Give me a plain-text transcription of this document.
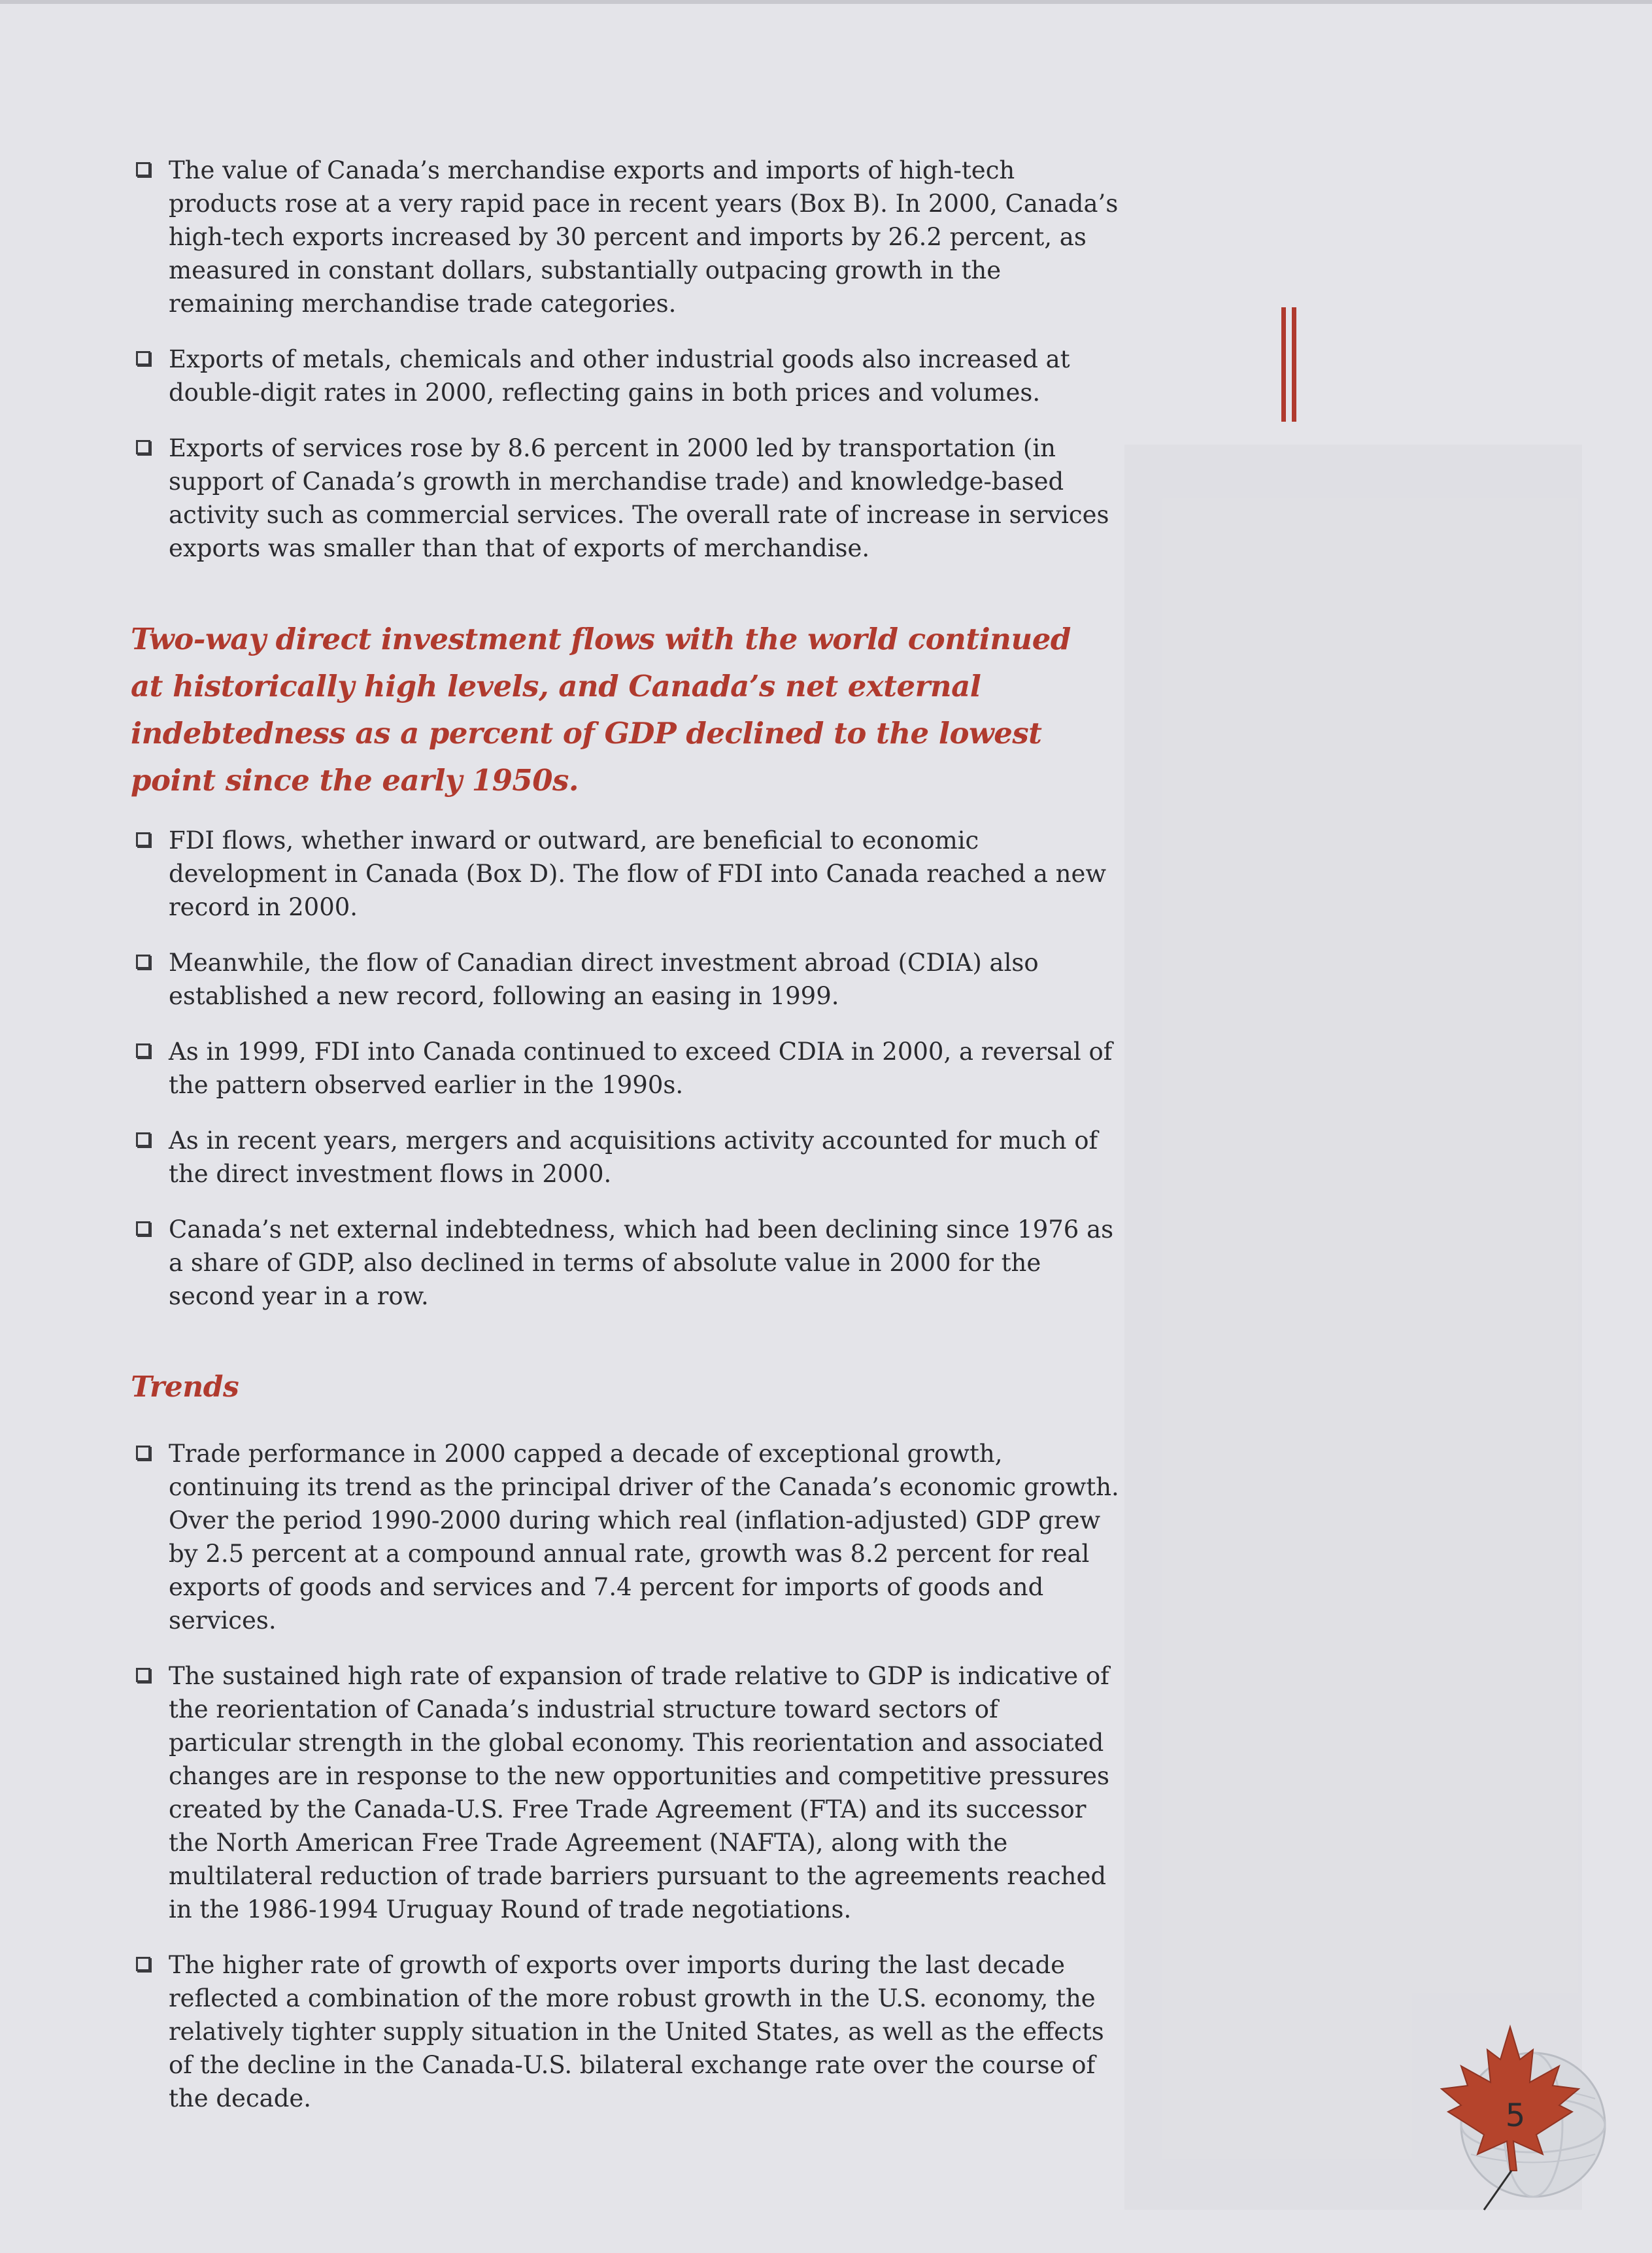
The value of Canada’s merchandise exports and imports of high-tech products rose at a very rapid pace in recent years (Box B). In 2000, Canada’s high-tech exports increased by 30 percent and imports by 26.2 percent, as measured in constant dollars, substantially outpacing growth in the remaining merchandise trade categories.
Exports of metals, chemicals and other industrial goods also increased at double-digit rates in 2000, reflecting gains in both prices and volumes.
Exports of services rose by 8.6 percent in 2000 led by transportation (in support of Canada’s growth in merchandise trade) and knowledge-based activity such as commercial services. The overall rate of increase in services exports was smaller than that of exports of merchandise.
Two-way direct investment flows with the world continued at historically high levels, and Canada’s net external indebtedness as a percent of GDP declined to the lowest point since the early 1950s.
FDI flows, whether inward or outward, are beneficial to economic development in Canada (Box D). The flow of FDI into Canada reached a new record in 2000.
Meanwhile, the flow of Canadian direct investment abroad (CDIA) also established a new record, following an easing in 1999.
As in 1999, FDI into Canada continued to exceed CDIA in 2000, a reversal of the pattern observed earlier in the 1990s.
As in recent years, mergers and acquisitions activity accounted for much of the direct investment flows in 2000.
Canada’s net external indebtedness, which had been declining since 1976 as a share of GDP, also declined in terms of absolute value in 2000 for the second year in a row.
Trends
Trade performance in 2000 capped a decade of exceptional growth, continuing its trend as the principal driver of the Canada’s economic growth. Over the period 1990-2000 during which real (inflation-adjusted) GDP grew by 2.5 percent at a compound annual rate, growth was 8.2 percent for real exports of goods and services and 7.4 percent for imports of goods and services.
The sustained high rate of expansion of trade relative to GDP is indicative of the reorientation of Canada’s industrial structure toward sectors of particular strength in the global economy. This reorientation and associated changes are in response to the new opportunities and competitive pressures created by the Canada-U.S. Free Trade Agreement (FTA) and its successor the North American Free Trade Agreement (NAFTA), along with the multilateral reduction of trade barriers pursuant to the agreements reached in the 1986-1994 Uruguay Round of trade negotiations.
The higher rate of growth of exports over imports during the last decade reflected a combination of the more robust growth in the U.S. economy, the relatively tighter supply situation in the United States, as well as the effects of the decline in the Canada-U.S. bilateral exchange rate over the course of the decade.	5
